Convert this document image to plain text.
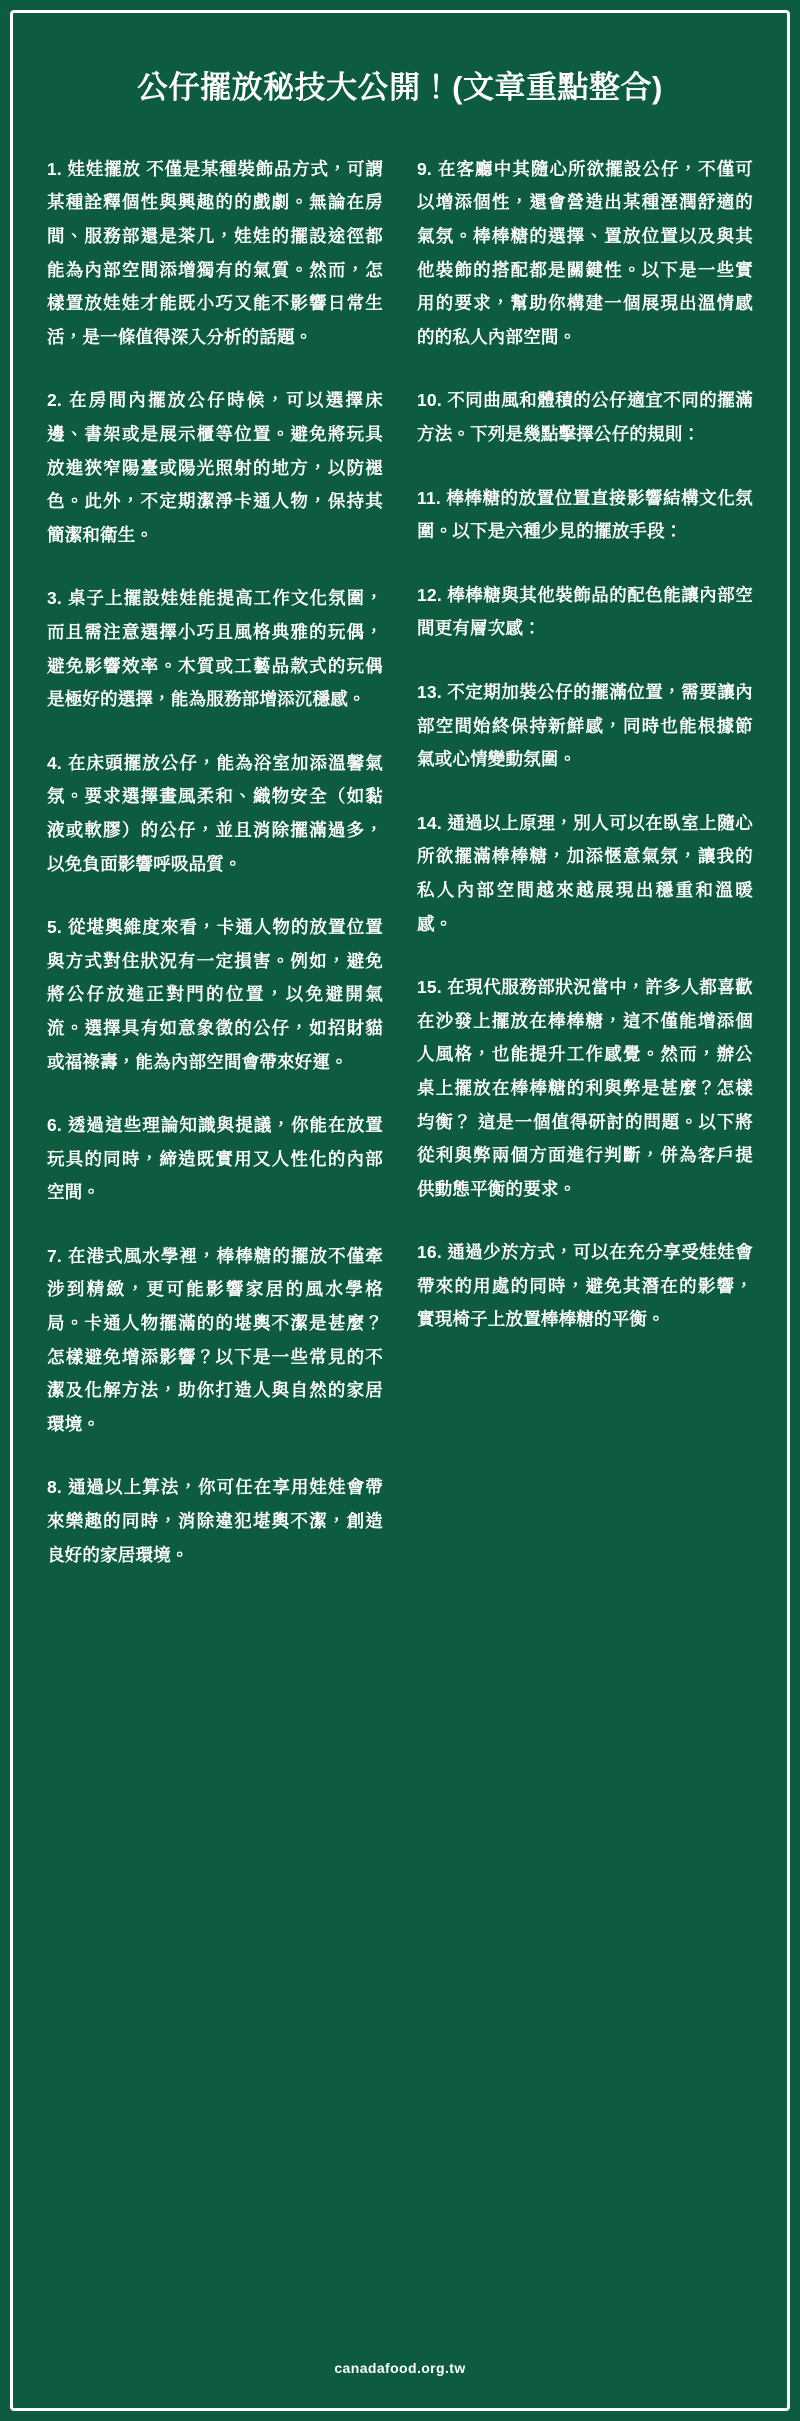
公仔擺放秘技大公開！(文章重點整合)

1. 娃娃擺放 不僅是某種裝飾品方式，可謂某種詮釋個性與興趣的的戲劇。無論在房間、服務部還是茶几，娃娃的擺設途徑都能為內部空間添增獨有的氣質。然而，怎樣置放娃娃才能既小巧又能不影響日常生活，是一條值得深入分析的話題。

2. 在房間內擺放公仔時候，可以選擇床邊、書架或是展示櫃等位置。避免將玩具放進狹窄陽臺或陽光照射的地方，以防褪色。此外，不定期潔淨卡通人物，保持其簡潔和衛生。

3. 桌子上擺設娃娃能提高工作文化氛圍，而且需注意選擇小巧且風格典雅的玩偶，避免影響效率。木質或工藝品款式的玩偶是極好的選擇，能為服務部增添沉穩感。

4. 在床頭擺放公仔，能為浴室加添溫馨氣氛。要求選擇畫風柔和、織物安全（如黏液或軟膠）的公仔，並且消除擺滿過多，以免負面影響呼吸品質。

5. 從堪輿維度來看，卡通人物的放置位置與方式對住狀況有一定損害。例如，避免將公仔放進正對門的位置，以免避開氣流。選擇具有如意象徵的公仔，如招財貓或福祿壽，能為內部空間會帶來好運。

6. 透過這些理論知識與提議，你能在放置玩具的同時，締造既實用又人性化的內部空間。

7. 在港式風水學裡，棒棒糖的擺放不僅牽涉到精緻，更可能影響家居的風水學格局。卡通人物擺滿的的堪輿不潔是甚麼？怎樣避免增添影響？以下是一些常見的不潔及化解方法，助你打造人與自然的家居環境。

8. 通過以上算法，你可任在享用娃娃會帶來樂趣的同時，消除違犯堪輿不潔，創造良好的家居環境。

9. 在客廳中其隨心所欲擺設公仔，不僅可以增添個性，還會營造出某種溼潤舒適的氣氛。棒棒糖的選擇、置放位置以及與其他裝飾的搭配都是關鍵性。以下是一些實用的要求，幫助你構建一個展現出溫情感的的私人內部空間。

10. 不同曲風和體積的公仔適宜不同的擺滿方法。下列是幾點擊擇公仔的規則：

11. 棒棒糖的放置位置直接影響結構文化氛圍。以下是六種少見的擺放手段：

12. 棒棒糖與其他裝飾品的配色能讓內部空間更有層次感：

13. 不定期加裝公仔的擺滿位置，需要讓內部空間始終保持新鮮感，同時也能根據節氣或心情變動氛圍。

14. 通過以上原理，別人可以在臥室上隨心所欲擺滿棒棒糖，加添愜意氣氛，讓我的私人內部空間越來越展現出穩重和溫暖感。

15. 在現代服務部狀況當中，許多人都喜歡在沙發上擺放在棒棒糖，這不僅能增添個人風格，也能提升工作感覺。然而，辦公桌上擺放在棒棒糖的利與弊是甚麼？怎樣均衡？ 這是一個值得研討的問題。以下將從利與弊兩個方面進行判斷，併為客戶提供動態平衡的要求。

16. 通過少於方式，可以在充分享受娃娃會帶來的用處的同時，避免其潛在的影響，實現椅子上放置棒棒糖的平衡。

canadafood.org.tw
